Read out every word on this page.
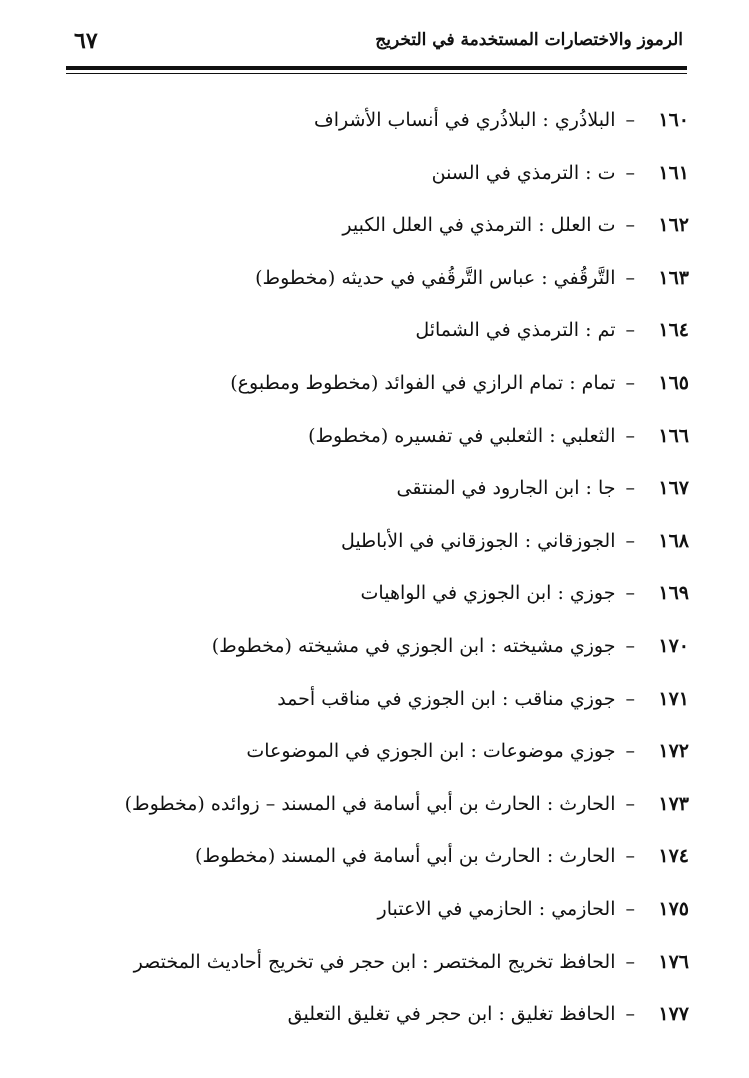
٦٧	الرموز والاختصارات المستخدمة في التخريج
١٦٠–البلاذُري : البلاذُري في أنساب الأشراف
١٦١–ت : الترمذي في السنن
١٦٢–ت العلل : الترمذي في العلل الكبير
١٦٣–التَّرقُفي : عباس التَّرقُفي في حديثه (مخطوط)
١٦٤–تم : الترمذي في الشمائل
١٦٥–تمام : تمام الرازي في الفوائد (مخطوط ومطبوع)
١٦٦–الثعلبي : الثعلبي في تفسيره (مخطوط)
١٦٧–جا : ابن الجارود في المنتقى
١٦٨–الجوزقاني : الجوزقاني في الأباطيل
١٦٩–جوزي : ابن الجوزي في الواهيات
١٧٠–جوزي مشيخته : ابن الجوزي في مشيخته (مخطوط)
١٧١–جوزي مناقب : ابن الجوزي في مناقب أحمد
١٧٢–جوزي موضوعات : ابن الجوزي في الموضوعات
١٧٣–الحارث : الحارث بن أبي أسامة في المسند – زوائده (مخطوط)
١٧٤–الحارث : الحارث بن أبي أسامة في المسند (مخطوط)
١٧٥–الحازمي : الحازمي في الاعتبار
١٧٦–الحافظ تخريج المختصر : ابن حجر في تخريج أحاديث المختصر
١٧٧–الحافظ تغليق : ابن حجر في تغليق التعليق
